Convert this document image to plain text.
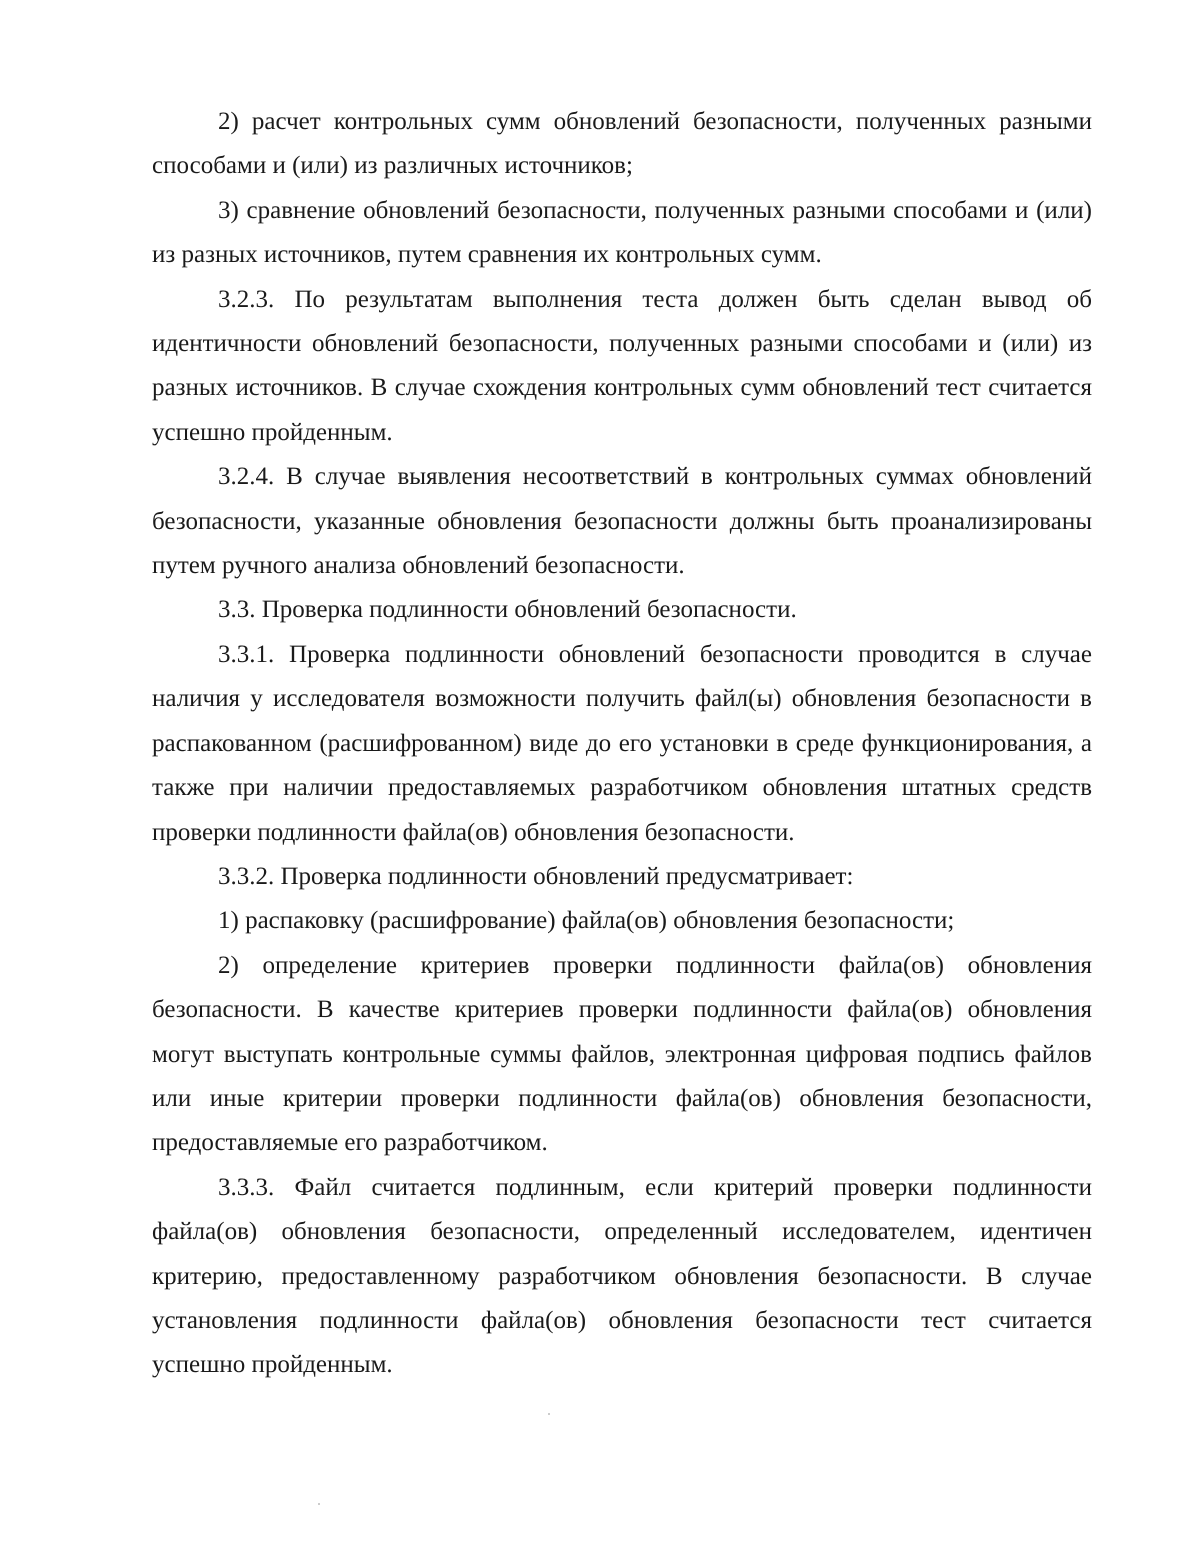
2) расчет контрольных сумм обновлений безопасности, полученных разными способами и (или) из различных источников;

3) сравнение обновлений безопасности, полученных разными способами и (или) из разных источников, путем сравнения их контрольных сумм.

3.2.3. По результатам выполнения теста должен быть сделан вывод об идентичности обновлений безопасности, полученных разными способами и (или) из разных источников. В случае схождения контрольных сумм обновлений тест считается успешно пройденным.

3.2.4. В случае выявления несоответствий в контрольных суммах обновлений безопасности, указанные обновления безопасности должны быть проанализированы путем ручного анализа обновлений безопасности.

3.3. Проверка подлинности обновлений безопасности.

3.3.1. Проверка подлинности обновлений безопасности проводится в случае наличия у исследователя возможности получить файл(ы) обновления безопасности в распакованном (расшифрованном) виде до его установки в среде функционирования, а также при наличии предоставляемых разработчиком обновления штатных средств проверки подлинности файла(ов) обновления безопасности.

3.3.2. Проверка подлинности обновлений предусматривает:

1) распаковку (расшифрование) файла(ов) обновления безопасности;

2) определение критериев проверки подлинности файла(ов) обновления безопасности. В качестве критериев проверки подлинности файла(ов) обновления могут выступать контрольные суммы файлов, электронная цифровая подпись файлов или иные критерии проверки подлинности файла(ов) обновления безопасности, предоставляемые его разработчиком.

3.3.3. Файл считается подлинным, если критерий проверки подлинности файла(ов) обновления безопасности, определенный исследователем, идентичен критерию, предоставленному разработчиком обновления безопасности. В случае установления подлинности файла(ов) обновления безопасности тест считается успешно пройденным.
